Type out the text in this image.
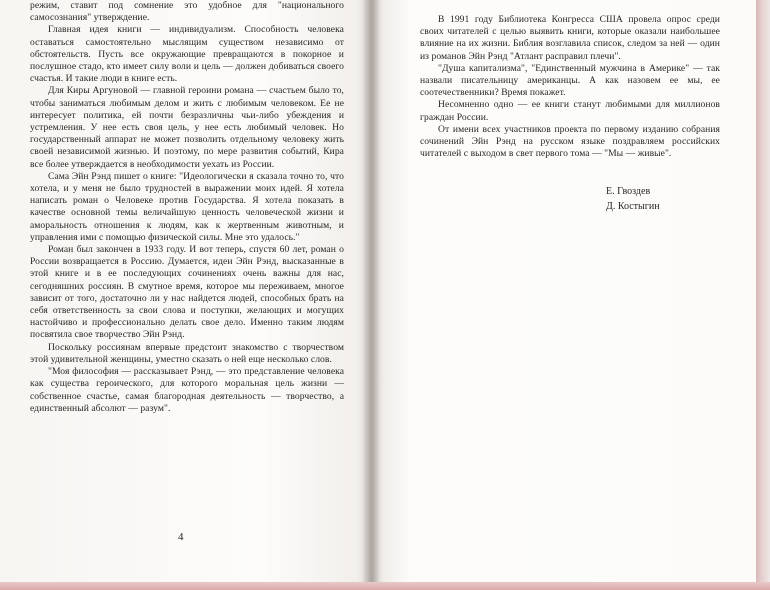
режим, ставит под сомнение это удобное для "национального самосознания" утверждение.

Главная идея книги — индивидуализм. Способность человека оставаться самостоятельно мыслящим существом независимо от обстоятельств. Пусть все окружающие превращаются в покорное и послушное стадо, кто имеет силу воли и цель — должен добиваться своего счастья. И такие люди в книге есть.

Для Киры Аргуновой — главной героини романа — счастьем было то, чтобы заниматься любимым делом и жить с любимым человеком. Ее не интересует политика, ей почти безразличны чьи-либо убеждения и устремления. У нее есть своя цель, у нее есть любимый человек. Но государственный аппарат не может позволить отдельному человеку жить своей независимой жизнью. И поэтому, по мере развития событий, Кира все более утверждается в необходимости уехать из России.

Сама Эйн Рэнд пишет о книге: "Идеологически я сказала точно то, что хотела, и у меня не было трудностей в выражении моих идей. Я хотела написать роман о Человеке против Государства. Я хотела показать в качестве основной темы величайшую ценность человеческой жизни и аморальность отношения к людям, как к жертвенным животным, и управления ими с помощью физической силы. Мне это удалось."

Роман был закончен в 1933 году. И вот теперь, спустя 60 лет, роман о России возвращается в Россию. Думается, идеи Эйн Рэнд, высказанные в этой книге и в ее последующих сочинениях очень важны для нас, сегодняшних россиян. В смутное время, которое мы переживаем, многое зависит от того, достаточно ли у нас найдется людей, способных брать на себя ответственность за свои слова и поступки, желающих и могущих настойчиво и профессионально делать свое дело. Именно таким людям посвятила свое творчество Эйн Рэнд.

Поскольку россиянам впервые предстоит знакомство с творчеством этой удивительной женщины, уместно сказать о ней еще несколько слов.

"Моя философия — рассказывает Рэнд, — это представление человека как существа героического, для которого моральная цель жизни — собственное счастье, самая благородная деятельность — творчество, а единственный абсолют — разум".

4

В 1991 году Библиотека Конгресса США провела опрос среди своих читателей с целью выявить книги, которые оказали наибольшее влияние на их жизни. Библия возглавила список, следом за ней — один из романов Эйн Рэнд "Атлант расправил плечи".

"Душа капитализма", "Единственный мужчина в Америке" — так назвали писательницу американцы. А как назовем ее мы, ее соотечественники? Время покажет.

Несомненно одно — ее книги станут любимыми для миллионов граждан России.

От имени всех участников проекта по первому изданию собрания сочинений Эйн Рэнд на русском языке поздравляем российских читателей с выходом в свет первого тома — "Мы — живые".

Е. Гвоздев
Д. Костыгин
